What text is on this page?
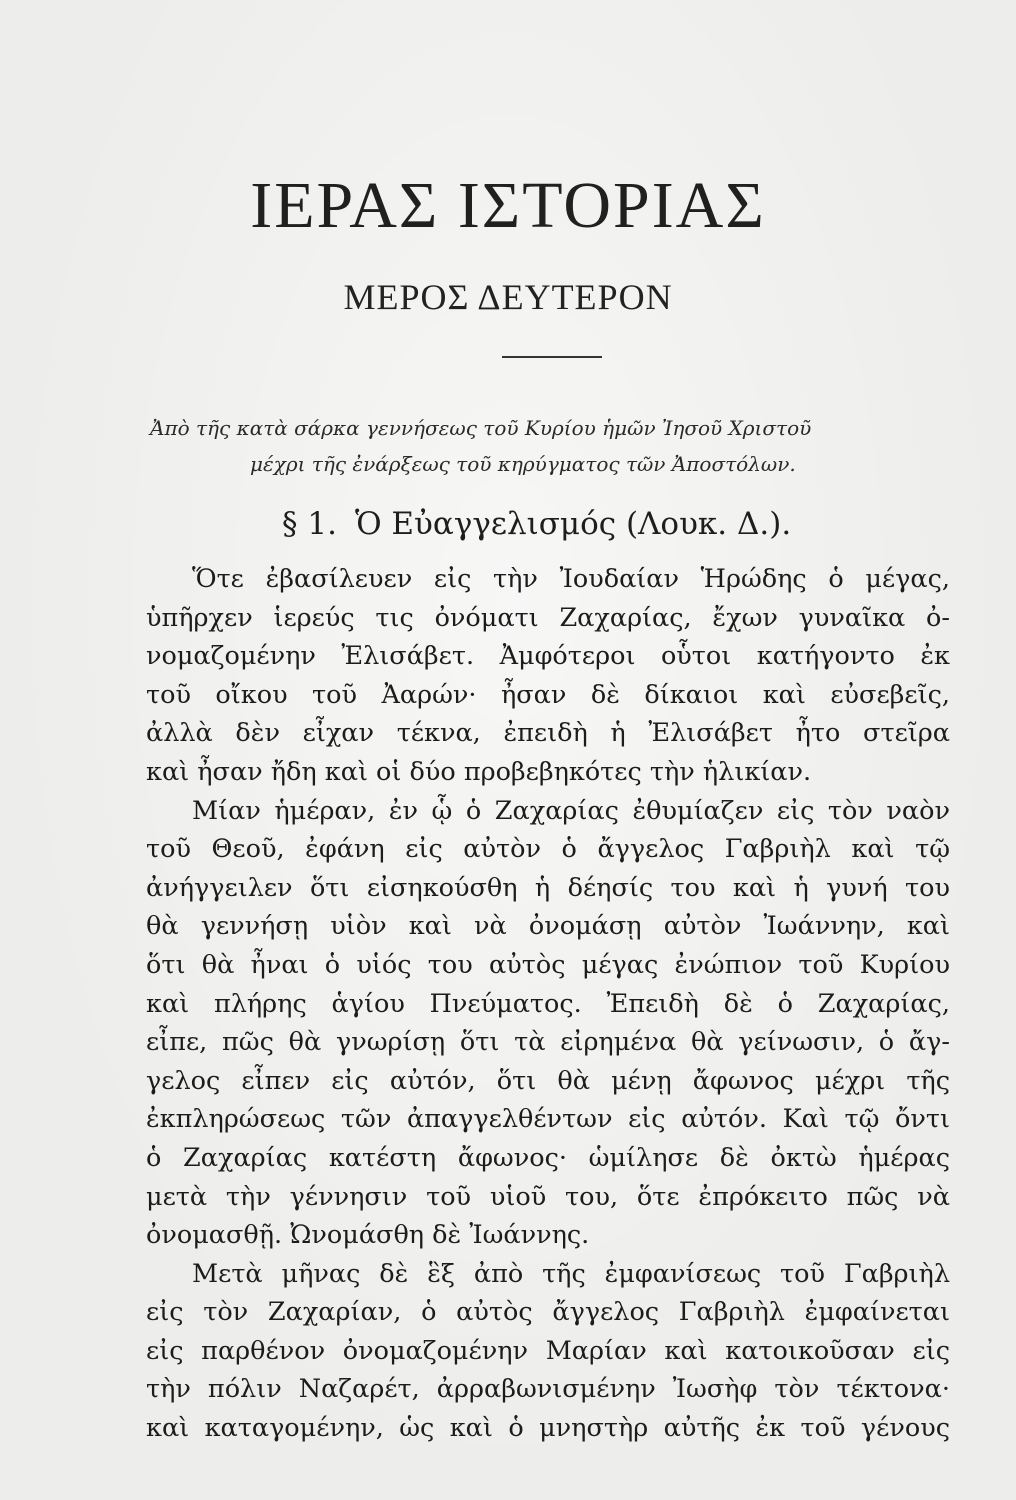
ΙΕΡΑΣ ΙΣΤΟΡΙΑΣ
ΜΕΡΟΣ ΔΕΥΤΕΡΟΝ
Ἀπὸ τῆς κατὰ σάρκα γεννήσεως τοῦ Κυρίου ἡμῶν Ἰησοῦ Χριστοῦ
μέχρι τῆς ἐνάρξεως τοῦ κηρύγματος τῶν Ἀποστόλων.
§ 1. Ὁ Εὐαγγελισμός (Λουκ. Δ.).

Ὅτε ἐβασίλευεν εἰς τὴν Ἰουδαίαν Ἡρώδης ὁ μέγας,
ὑπῆρχεν ἱερεύς τις ὀνόματι Ζαχαρίας, ἔχων γυναῖκα ὀ-
νομαζομένην Ἐλισάβετ. Ἀμφότεροι οὗτοι κατήγοντο ἐκ
τοῦ οἴκου τοῦ Ἀαρών· ἦσαν δὲ δίκαιοι καὶ εὐσεβεῖς,
ἀλλὰ δὲν εἶχαν τέκνα, ἐπειδὴ ἡ Ἐλισάβετ ἦτο στεῖρα
καὶ ἦσαν ἤδη καὶ οἱ δύο προβεβηκότες τὴν ἡλικίαν.

Μίαν ἡμέραν, ἐν ᾧ ὁ Ζαχαρίας ἐθυμίαζεν εἰς τὸν ναὸν
τοῦ Θεοῦ, ἐφάνη εἰς αὐτὸν ὁ ἄγγελος Γαβριὴλ καὶ τῷ
ἀνήγγειλεν ὅτι εἰσηκούσθη ἡ δέησίς του καὶ ἡ γυνή του
θὰ γεννήσῃ υἱὸν καὶ νὰ ὀνομάσῃ αὐτὸν Ἰωάννην, καὶ
ὅτι θὰ ἦναι ὁ υἱός του αὐτὸς μέγας ἐνώπιον τοῦ Κυρίου
καὶ πλήρης ἁγίου Πνεύματος. Ἐπειδὴ δὲ ὁ Ζαχαρίας,
εἶπε, πῶς θὰ γνωρίσῃ ὅτι τὰ εἰρημένα θὰ γείνωσιν, ὁ ἄγ-
γελος εἶπεν εἰς αὐτόν, ὅτι θὰ μένῃ ἄφωνος μέχρι τῆς
ἐκπληρώσεως τῶν ἀπαγγελθέντων εἰς αὐτόν. Καὶ τῷ ὄντι
ὁ Ζαχαρίας κατέστη ἄφωνος· ὡμίλησε δὲ ὀκτὼ ἡμέρας
μετὰ τὴν γέννησιν τοῦ υἱοῦ του, ὅτε ἐπρόκειτο πῶς νὰ
ὀνομασθῇ. Ὠνομάσθη δὲ Ἰωάννης.

Μετὰ μῆνας δὲ ἓξ ἀπὸ τῆς ἐμφανίσεως τοῦ Γαβριὴλ
εἰς τὸν Ζαχαρίαν, ὁ αὐτὸς ἄγγελος Γαβριὴλ ἐμφαίνεται
εἰς παρθένον ὀνομαζομένην Μαρίαν καὶ κατοικοῦσαν εἰς
τὴν πόλιν Ναζαρέτ, ἀρραβωνισμένην Ἰωσὴφ τὸν τέκτονα·
καὶ καταγομένην, ὡς καὶ ὁ μνηστὴρ αὐτῆς ἐκ τοῦ γένους
